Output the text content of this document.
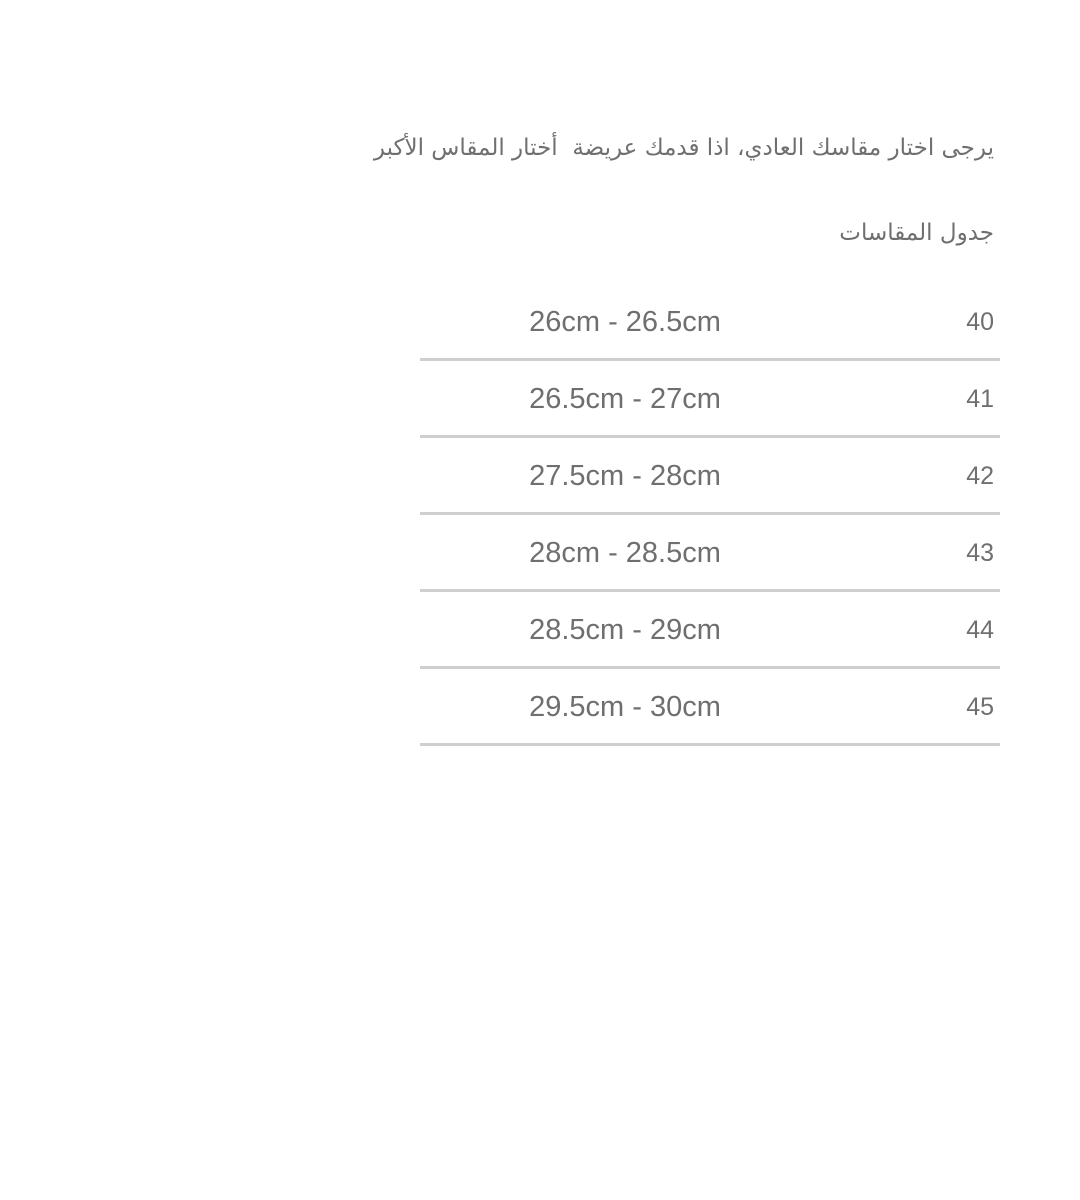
يرجى اختار مقاسك العادي، اذا قدمك عريضة  أختار المقاس الأكبر
جدول المقاسات
26cm - 26.5cm	40
26.5cm - 27cm	41
27.5cm - 28cm	42
28cm - 28.5cm	43
28.5cm - 29cm	44
29.5cm - 30cm	45
